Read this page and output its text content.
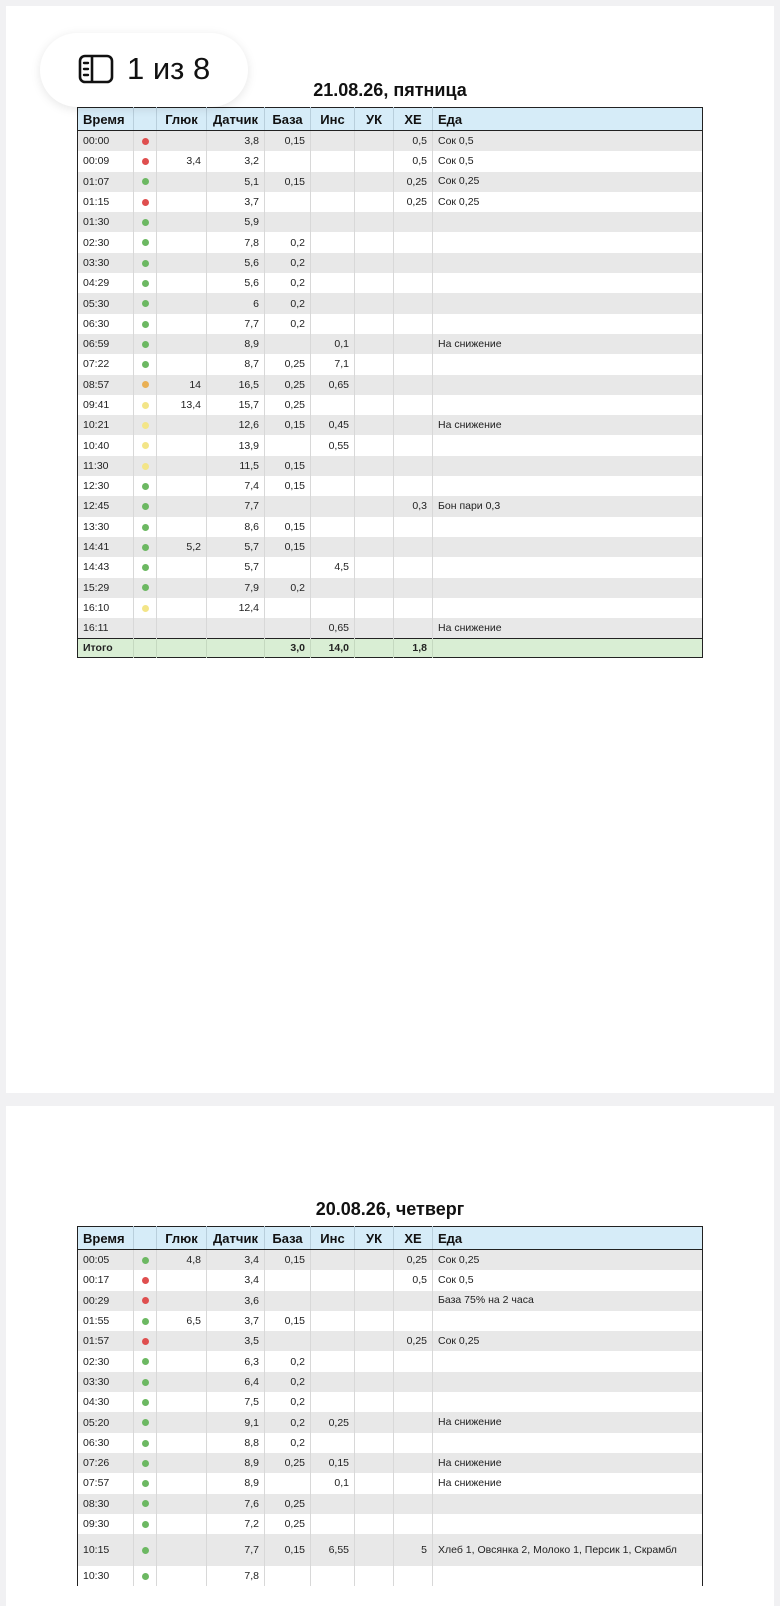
21.08.26, пятница
Время		Глюк	Датчик	База	Инс	УК	ХЕ	Еда
00:00			3,8	0,15			0,5	Сок 0,5
00:09		3,4	3,2				0,5	Сок 0,5
01:07			5,1	0,15			0,25	Сок 0,25
01:15			3,7				0,25	Сок 0,25
01:30			5,9					
02:30			7,8	0,2				
03:30			5,6	0,2				
04:29			5,6	0,2				
05:30			6	0,2				
06:30			7,7	0,2				
06:59			8,9		0,1			На снижение
07:22			8,7	0,25	7,1			
08:57		14	16,5	0,25	0,65			
09:41		13,4	15,7	0,25				
10:21			12,6	0,15	0,45			На снижение
10:40			13,9		0,55			
11:30			11,5	0,15				
12:30			7,4	0,15				
12:45			7,7				0,3	Бон пари 0,3
13:30			8,6	0,15				
14:41		5,2	5,7	0,15				
14:43			5,7		4,5			
15:29			7,9	0,2				
16:10			12,4					
16:11					0,65			На снижение
Итого				3,0	14,0		1,8	
20.08.26, четверг
Время		Глюк	Датчик	База	Инс	УК	ХЕ	Еда
00:05		4,8	3,4	0,15			0,25	Сок 0,25
00:17			3,4				0,5	Сок 0,5
00:29			3,6					База 75% на 2 часа
01:55		6,5	3,7	0,15				
01:57			3,5				0,25	Сок 0,25
02:30			6,3	0,2				
03:30			6,4	0,2				
04:30			7,5	0,2				
05:20			9,1	0,2	0,25			На снижение
06:30			8,8	0,2				
07:26			8,9	0,25	0,15			На снижение
07:57			8,9		0,1			На снижение
08:30			7,6	0,25				
09:30			7,2	0,25				
10:15			7,7	0,15	6,55		5	Хлеб 1, Овсянка 2, Молоко 1, Персик 1, Скрамбл
10:30			7,8					
1 из 8
